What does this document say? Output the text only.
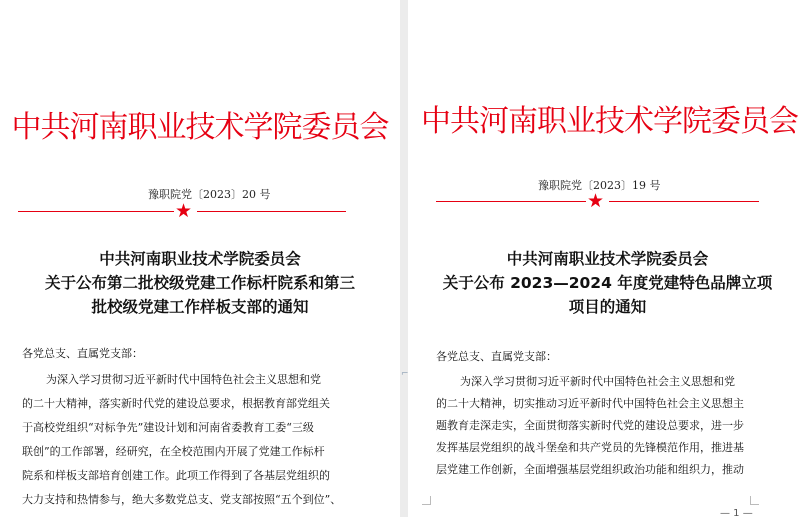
中共河南职业技术学院委员会
豫职院党〔2023〕20 号
★
中共河南职业技术学院委员会
关于公布第二批校级党建工作标杆院系和第三
批校级党建工作样板支部的通知
各党总支、直属党支部：
为深入学习贯彻习近平新时代中国特色社会主义思想和党
的二十大精神，落实新时代党的建设总要求，根据教育部党组关
于高校党组织“对标争先”建设计划和河南省委教育工委“三级
联创”的工作部署，经研究，在全校范围内开展了党建工作标杆
院系和样板支部培育创建工作。此项工作得到了各基层党组织的
大力支持和热情参与，绝大多数党总支、党支部按照“五个到位”、
中共河南职业技术学院委员会
豫职院党〔2023〕19 号
★
中共河南职业技术学院委员会
关于公布 2023—2024 年度党建特色品牌立项
项目的通知
各党总支、直属党支部：
为深入学习贯彻习近平新时代中国特色社会主义思想和党
的二十大精神，切实推动习近平新时代中国特色社会主义思想主
题教育走深走实，全面贯彻落实新时代党的建设总要求，进一步
发挥基层党组织的战斗堡垒和共产党员的先锋模范作用，推进基
层党建工作创新，全面增强基层党组织政治功能和组织力，推动
— 1 —
⌐
